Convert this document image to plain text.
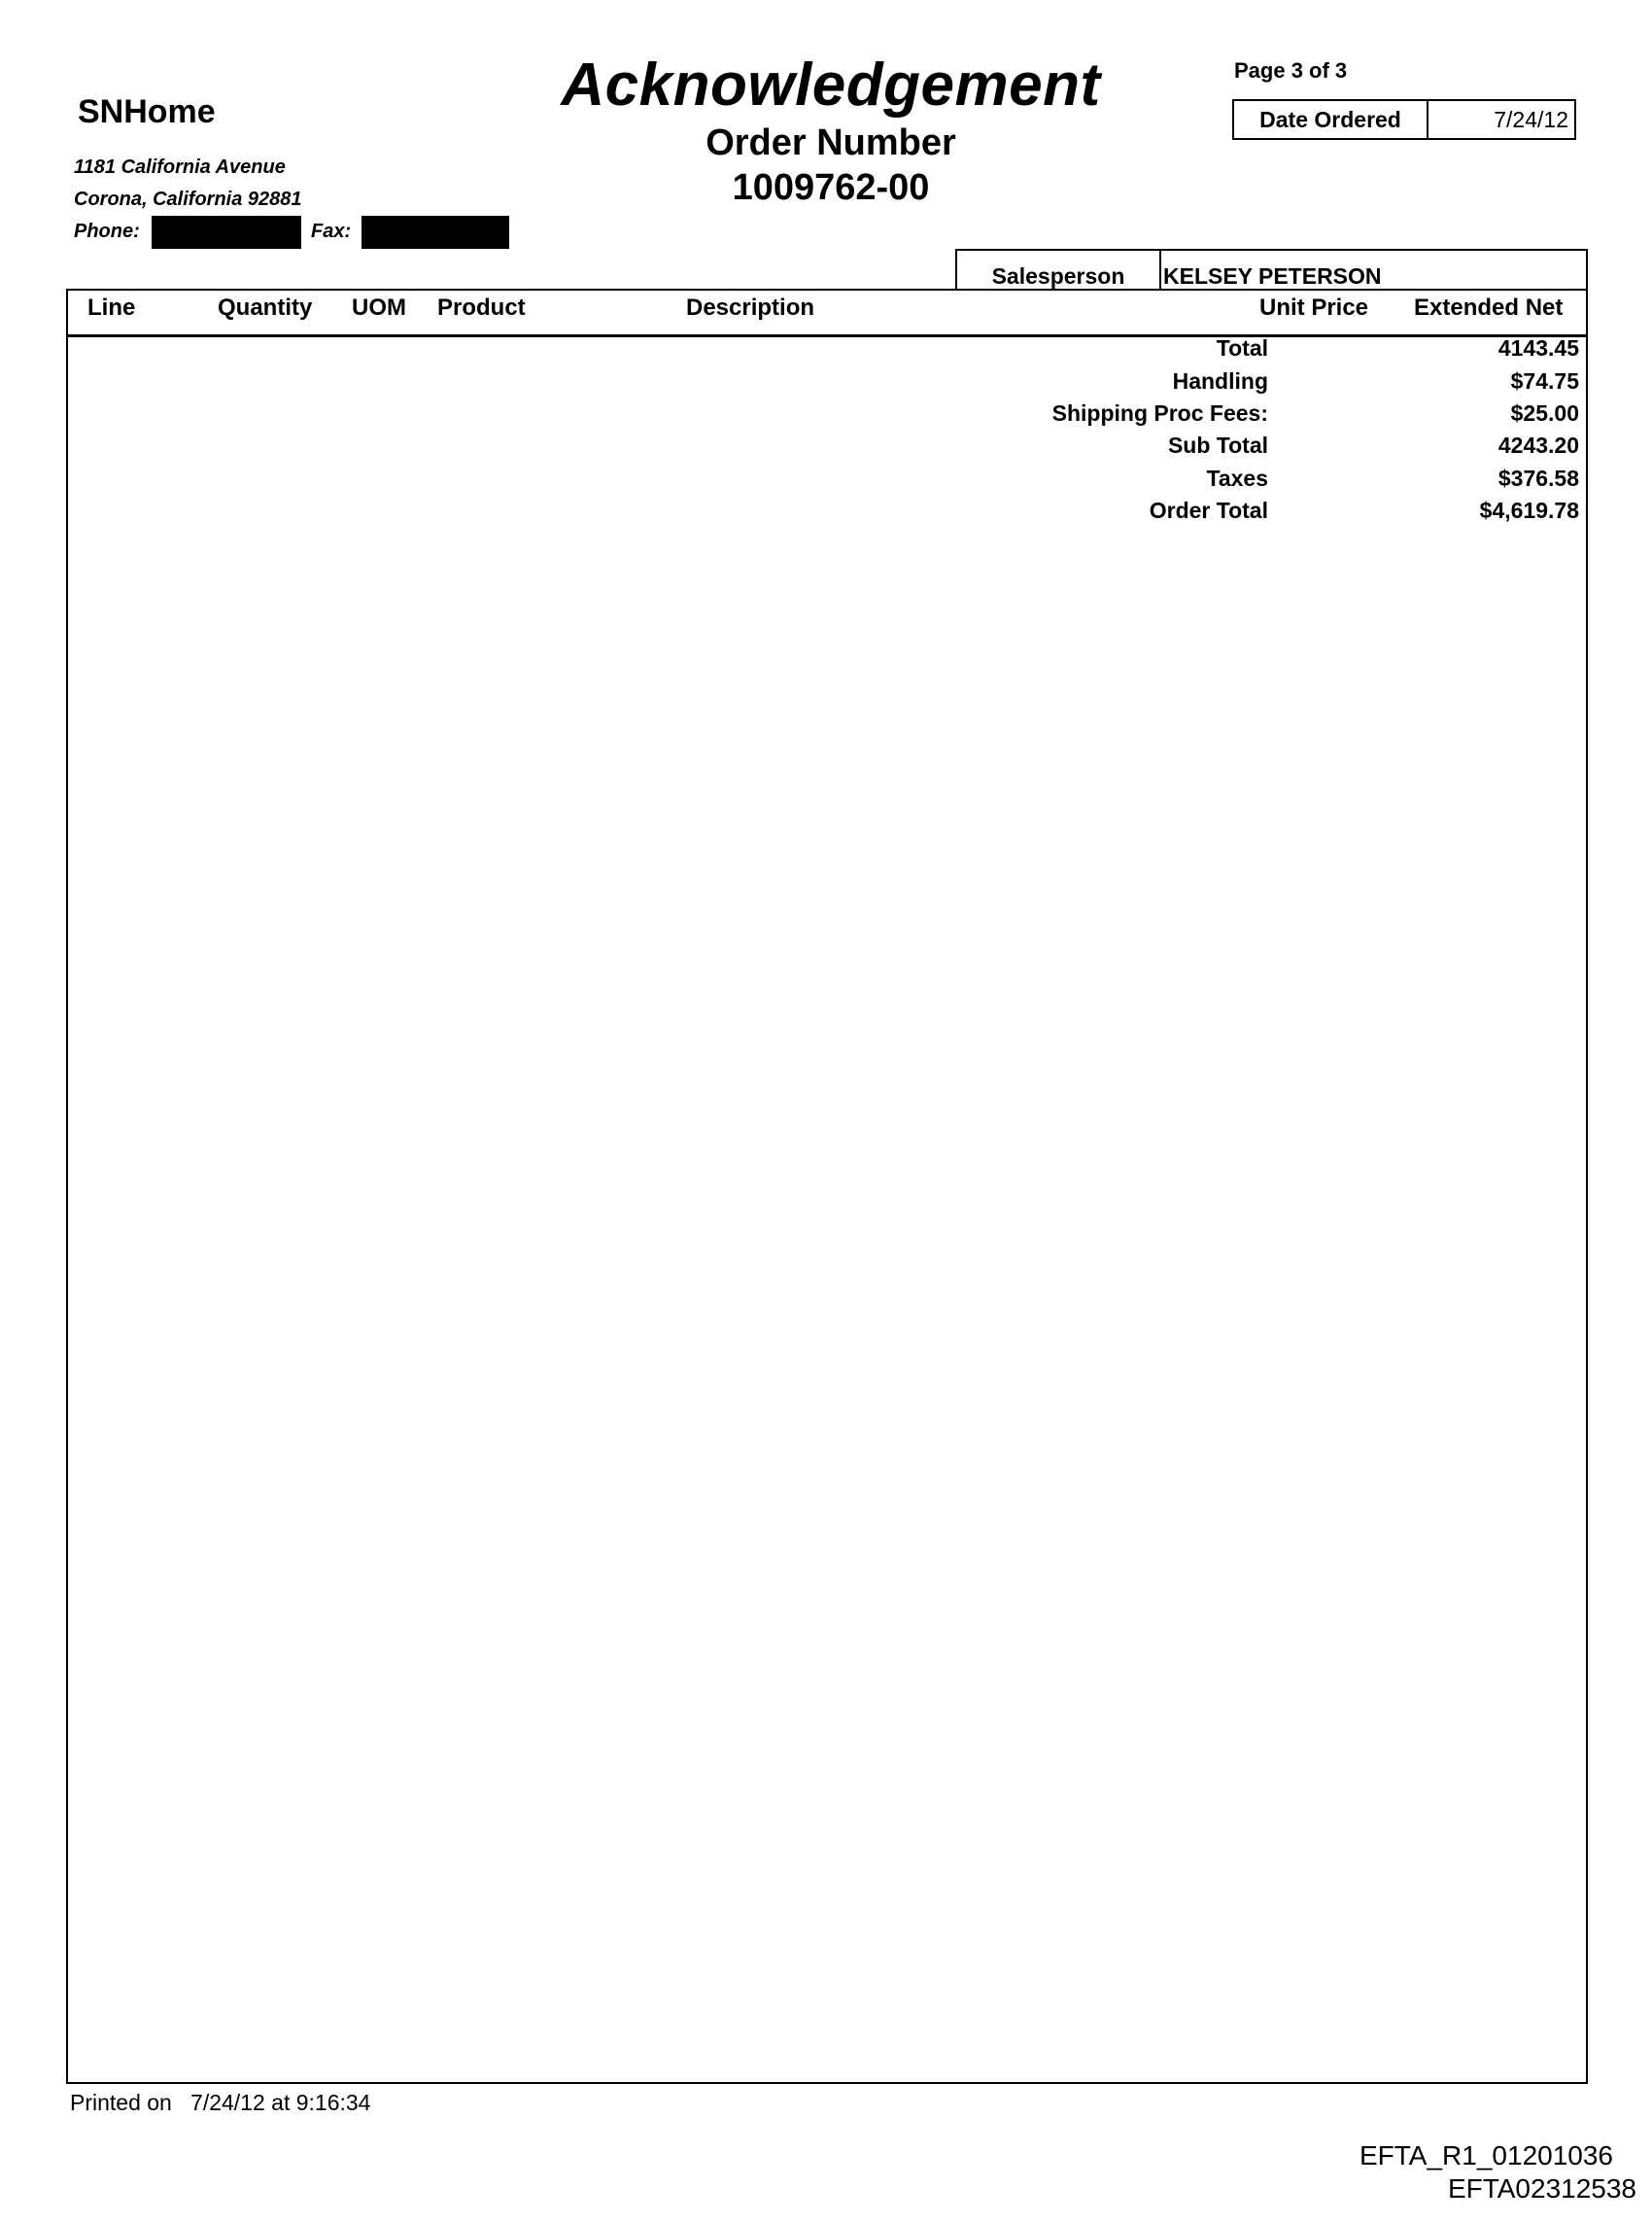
SNHome
1181 California Avenue
Corona, California 92881
Phone:	Fax:
Acknowledgement
Order Number
1009762-00
Page 3 of 3
Date Ordered	7/24/12
Salesperson	KELSEY PETERSON
Line	Quantity UOM Product	Description	Unit Price Extended Net
Total	4143.45
Handling	$74.75
Shipping Proc Fees:	$25.00
Sub Total	4243.20
Taxes	$376.58
Order Total	$4,619.78
Printed on 7/24/12 at 9:16:34
EFTA_R1_01201036
EFTA02312538
